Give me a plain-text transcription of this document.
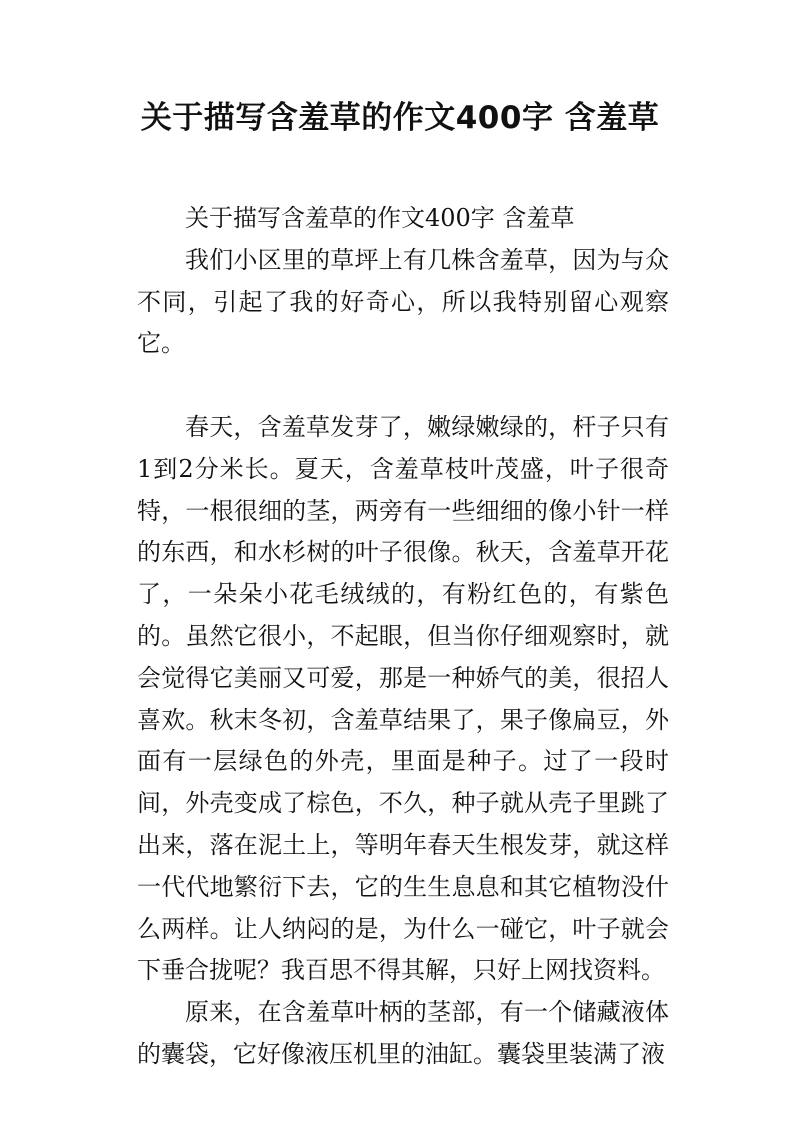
关于描写含羞草的作文400字 含羞草

关于描写含羞草的作文400字 含羞草

我们小区里的草坪上有几株含羞草，因为与众不同，引起了我的好奇心，所以我特别留心观察它。

春天，含羞草发芽了，嫩绿嫩绿的，杆子只有1到2分米长。夏天，含羞草枝叶茂盛，叶子很奇特，一根很细的茎，两旁有一些细细的像小针一样的东西，和水杉树的叶子很像。秋天，含羞草开花了，一朵朵小花毛绒绒的，有粉红色的，有紫色的。虽然它很小，不起眼，但当你仔细观察时，就会觉得它美丽又可爱，那是一种娇气的美，很招人喜欢。秋末冬初，含羞草结果了，果子像扁豆，外面有一层绿色的外壳，里面是种子。过了一段时间，外壳变成了棕色，不久，种子就从壳子里跳了出来，落在泥土上，等明年春天生根发芽，就这样一代代地繁衍下去，它的生生息息和其它植物没什么两样。让人纳闷的是，为什么一碰它，叶子就会下垂合拢呢？我百思不得其解，只好上网找资料。

原来，在含羞草叶柄的茎部，有一个储藏液体的囊袋，它好像液压机里的油缸。囊袋里装满了液
